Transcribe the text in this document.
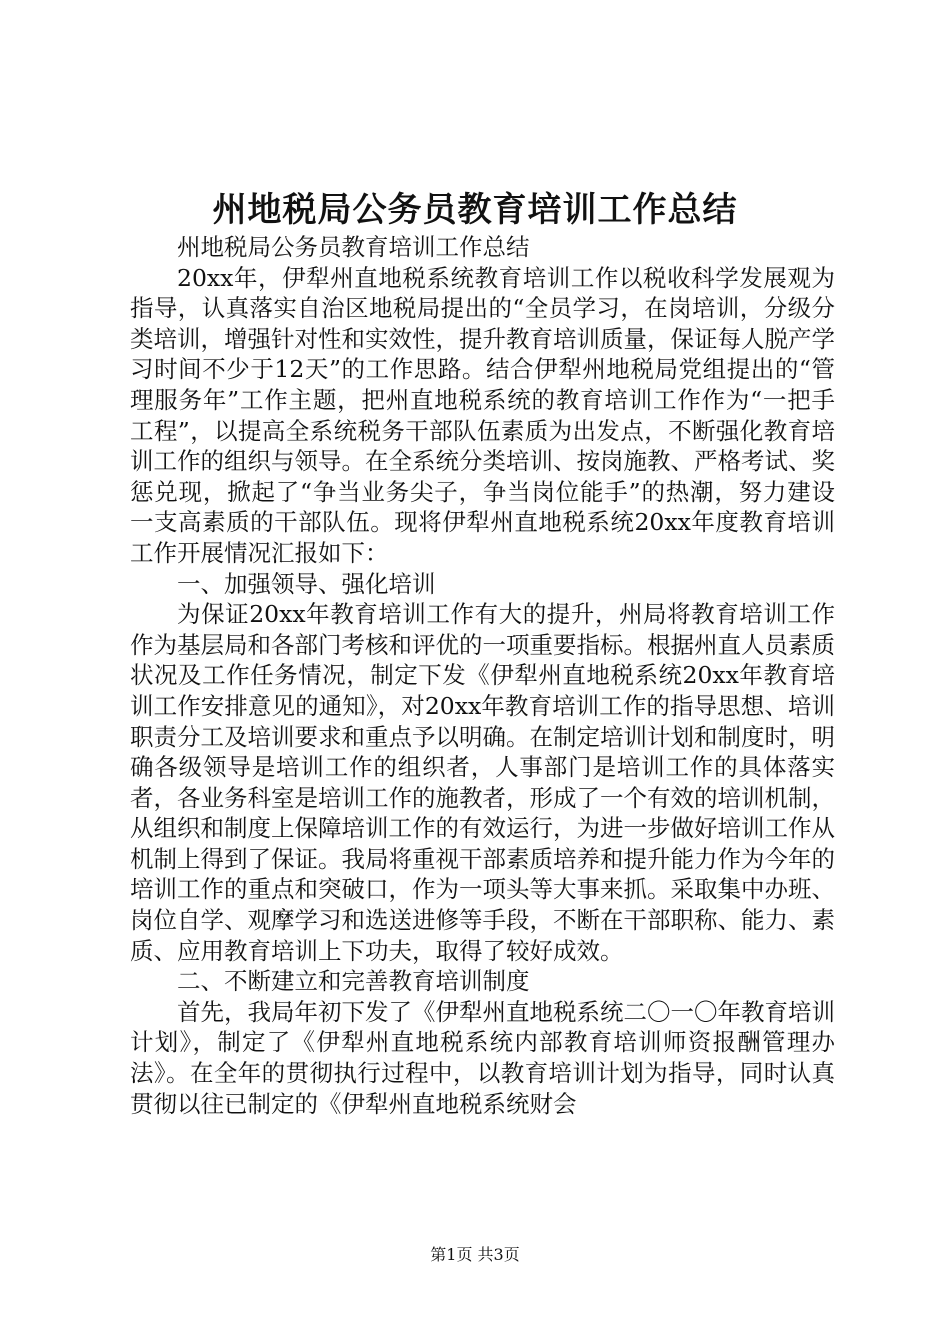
州地税局公务员教育培训工作总结

州地税局公务员教育培训工作总结

20xx年，伊犁州直地税系统教育培训工作以税收科学发展观为指导，认真落实自治区地税局提出的“全员学习，在岗培训，分级分类培训，增强针对性和实效性，提升教育培训质量，保证每人脱产学习时间不少于12天”的工作思路。结合伊犁州地税局党组提出的“管理服务年”工作主题，把州直地税系统的教育培训工作作为“一把手工程”，以提高全系统税务干部队伍素质为出发点，不断强化教育培训工作的组织与领导。在全系统分类培训、按岗施教、严格考试、奖惩兑现，掀起了“争当业务尖子，争当岗位能手”的热潮，努力建设一支高素质的干部队伍。现将伊犁州直地税系统20xx年度教育培训工作开展情况汇报如下：

一、加强领导、强化培训

为保证20xx年教育培训工作有大的提升，州局将教育培训工作作为基层局和各部门考核和评优的一项重要指标。根据州直人员素质状况及工作任务情况，制定下发《伊犁州直地税系统20xx年教育培训工作安排意见的通知》，对20xx年教育培训工作的指导思想、培训职责分工及培训要求和重点予以明确。在制定培训计划和制度时，明确各级领导是培训工作的组织者，人事部门是培训工作的具体落实者，各业务科室是培训工作的施教者，形成了一个有效的培训机制，从组织和制度上保障培训工作的有效运行，为进一步做好培训工作从机制上得到了保证。我局将重视干部素质培养和提升能力作为今年的培训工作的重点和突破口，作为一项头等大事来抓。采取集中办班、岗位自学、观摩学习和选送进修等手段，不断在干部职称、能力、素质、应用教育培训上下功夫，取得了较好成效。

二、不断建立和完善教育培训制度

首先，我局年初下发了《伊犁州直地税系统二〇一〇年教育培训计划》，制定了《伊犁州直地税系统内部教育培训师资报酬管理办法》。在全年的贯彻执行过程中，以教育培训计划为指导，同时认真贯彻以往已制定的《伊犁州直地税系统财会

第1页 共3页
